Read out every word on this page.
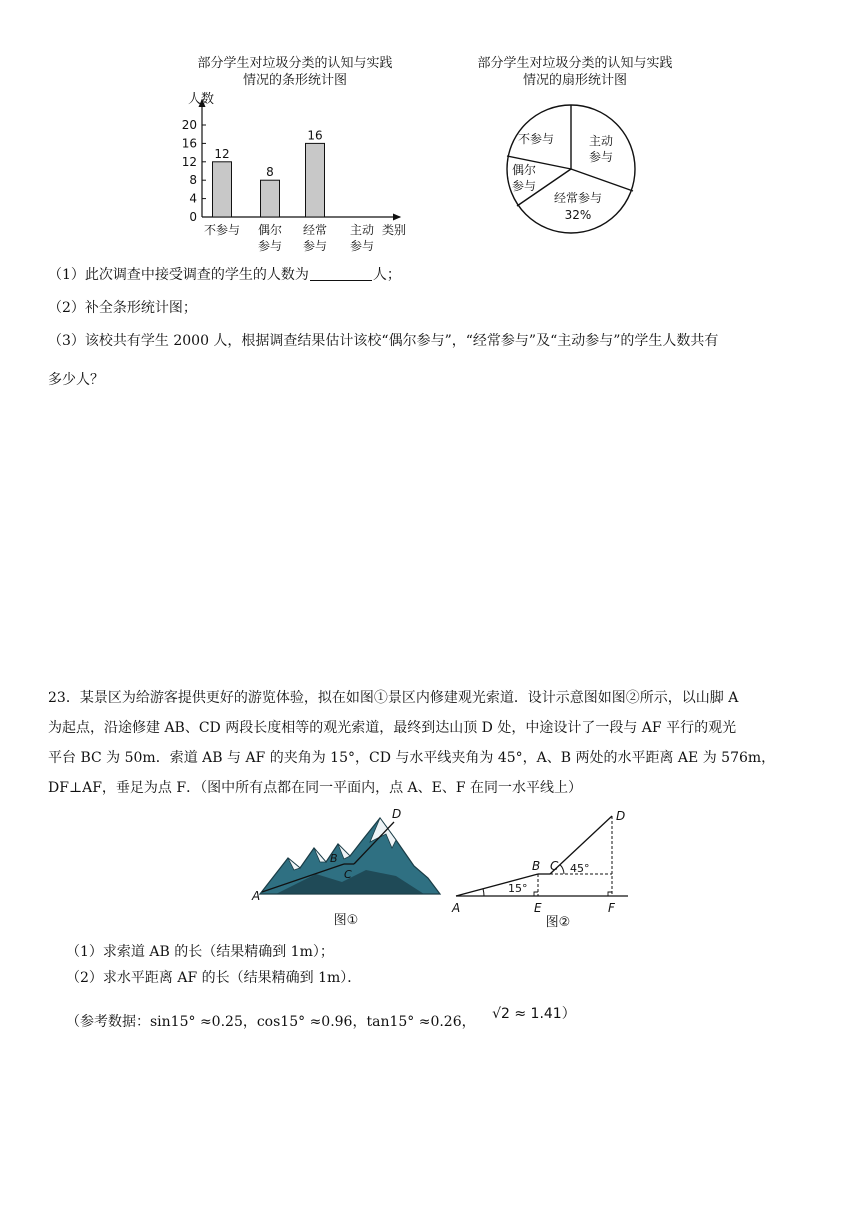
部分学生对垃圾分类的认知与实践
情况的条形统计图
部分学生对垃圾分类的认知与实践
情况的扇形统计图
人数
类别
0
4
8
12
16
20
12
8
16
不参与 偶尔
参与
经常
参与
主动
参与
不参与	主动
参与
偶尔
参与
经常参与
32%
（1）此次调查中接受调查的学生的人数为	人；
（2）补全条形统计图；
（3）该校共有学生 2000 人，根据调查结果估计该校“偶尔参与”，“经常参与”及“主动参与”的学生人数共有
多少人？
23．某景区为给游客提供更好的游览体验，拟在如图①景区内修建观光索道．设计示意图如图②所示，以山脚 A
为起点，沿途修建 AB、CD 两段长度相等的观光索道，最终到达山顶 D 处，中途设计了一段与 AF 平行的观光
平台 BC 为 50m．索道 AB 与 AF 的夹角为 15°，CD 与水平线夹角为 45°，A、B 两处的水平距离 AE 为 576m，
DF⊥AF，垂足为点 F．（图中所有点都在同一平面内，点 A、E、F 在同一水平线上）
A
B
C
D
图①
A
B C
D
E	F
15°
45°
图②
（1）求索道 AB 的长（结果精确到 1m）；
（2）求水平距离 AF 的长（结果精确到 1m）．
（参考数据：sin15° ≈0.25，cos15° ≈0.96，tan15° ≈0.26， √2 ≈ 1.41）
